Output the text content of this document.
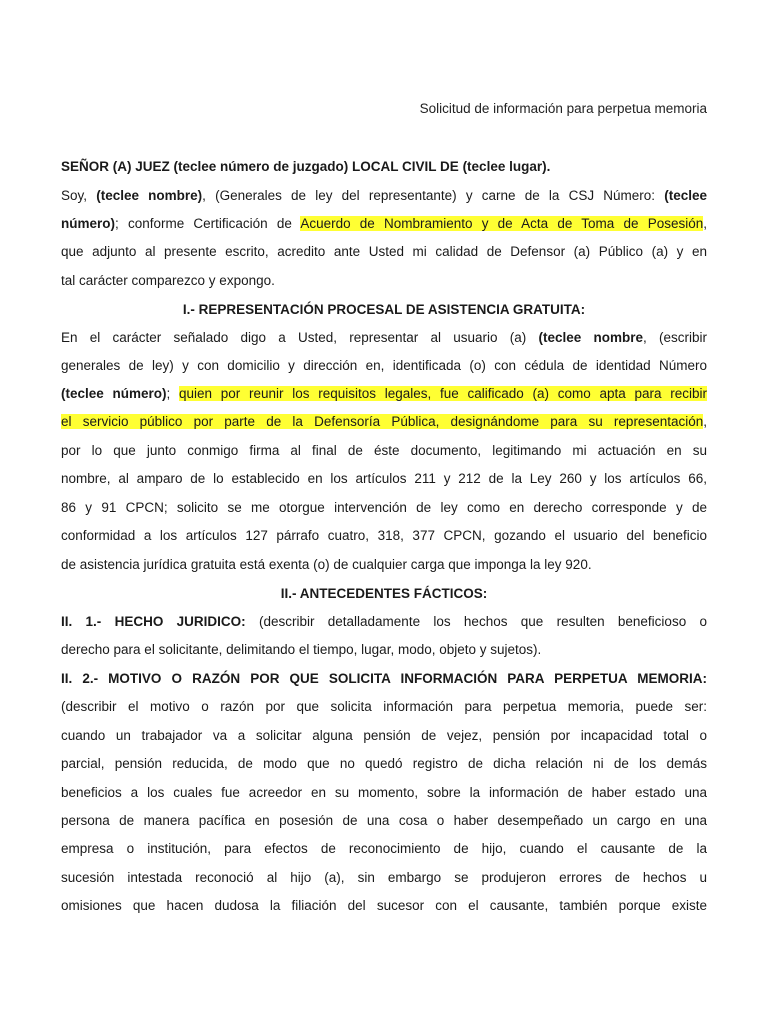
Solicitud de información para perpetua memoria
SEÑOR (A) JUEZ (teclee número de juzgado) LOCAL CIVIL DE (teclee lugar).
Soy, (teclee nombre), (Generales de ley del representante) y carne de la CSJ Número: (teclee
número); conforme Certificación de Acuerdo de Nombramiento y de Acta de Toma de Posesión,
que adjunto al presente escrito, acredito ante Usted mi calidad de Defensor (a) Público (a) y en
tal carácter comparezco y expongo.
I.- REPRESENTACIÓN PROCESAL DE ASISTENCIA GRATUITA:
En el carácter señalado digo a Usted, representar al usuario (a) (teclee nombre, (escribir
generales de ley) y con domicilio y dirección en, identificada (o) con cédula de identidad Número
(teclee número); quien por reunir los requisitos legales, fue calificado (a) como apta para recibir
el servicio público por parte de la Defensoría Pública, designándome para su representación,
por lo que junto conmigo firma al final de éste documento, legitimando mi actuación en su
nombre, al amparo de lo establecido en los artículos 211 y 212 de la Ley 260 y los artículos 66,
86 y 91 CPCN; solicito se me otorgue intervención de ley como en derecho corresponde y de
conformidad a los artículos 127 párrafo cuatro, 318, 377 CPCN, gozando el usuario del beneficio
de asistencia jurídica gratuita está exenta (o) de cualquier carga que imponga la ley 920.
II.- ANTECEDENTES FÁCTICOS:
II. 1.- HECHO JURIDICO: (describir detalladamente los hechos que resulten beneficioso o
derecho para el solicitante, delimitando el tiempo, lugar, modo, objeto y sujetos).
II. 2.- MOTIVO O RAZÓN POR QUE SOLICITA INFORMACIÓN PARA PERPETUA MEMORIA:
(describir el motivo o razón por que solicita información para perpetua memoria, puede ser:
cuando un trabajador va a solicitar alguna pensión de vejez, pensión por incapacidad total o
parcial, pensión reducida, de modo que no quedó registro de dicha relación ni de los demás
beneficios a los cuales fue acreedor en su momento, sobre la información de haber estado una
persona de manera pacífica en posesión de una cosa o haber desempeñado un cargo en una
empresa o institución, para efectos de reconocimiento de hijo, cuando el causante de la
sucesión intestada reconoció al hijo (a), sin embargo se produjeron errores de hechos u
omisiones que hacen dudosa la filiación del sucesor con el causante, también porque existe
